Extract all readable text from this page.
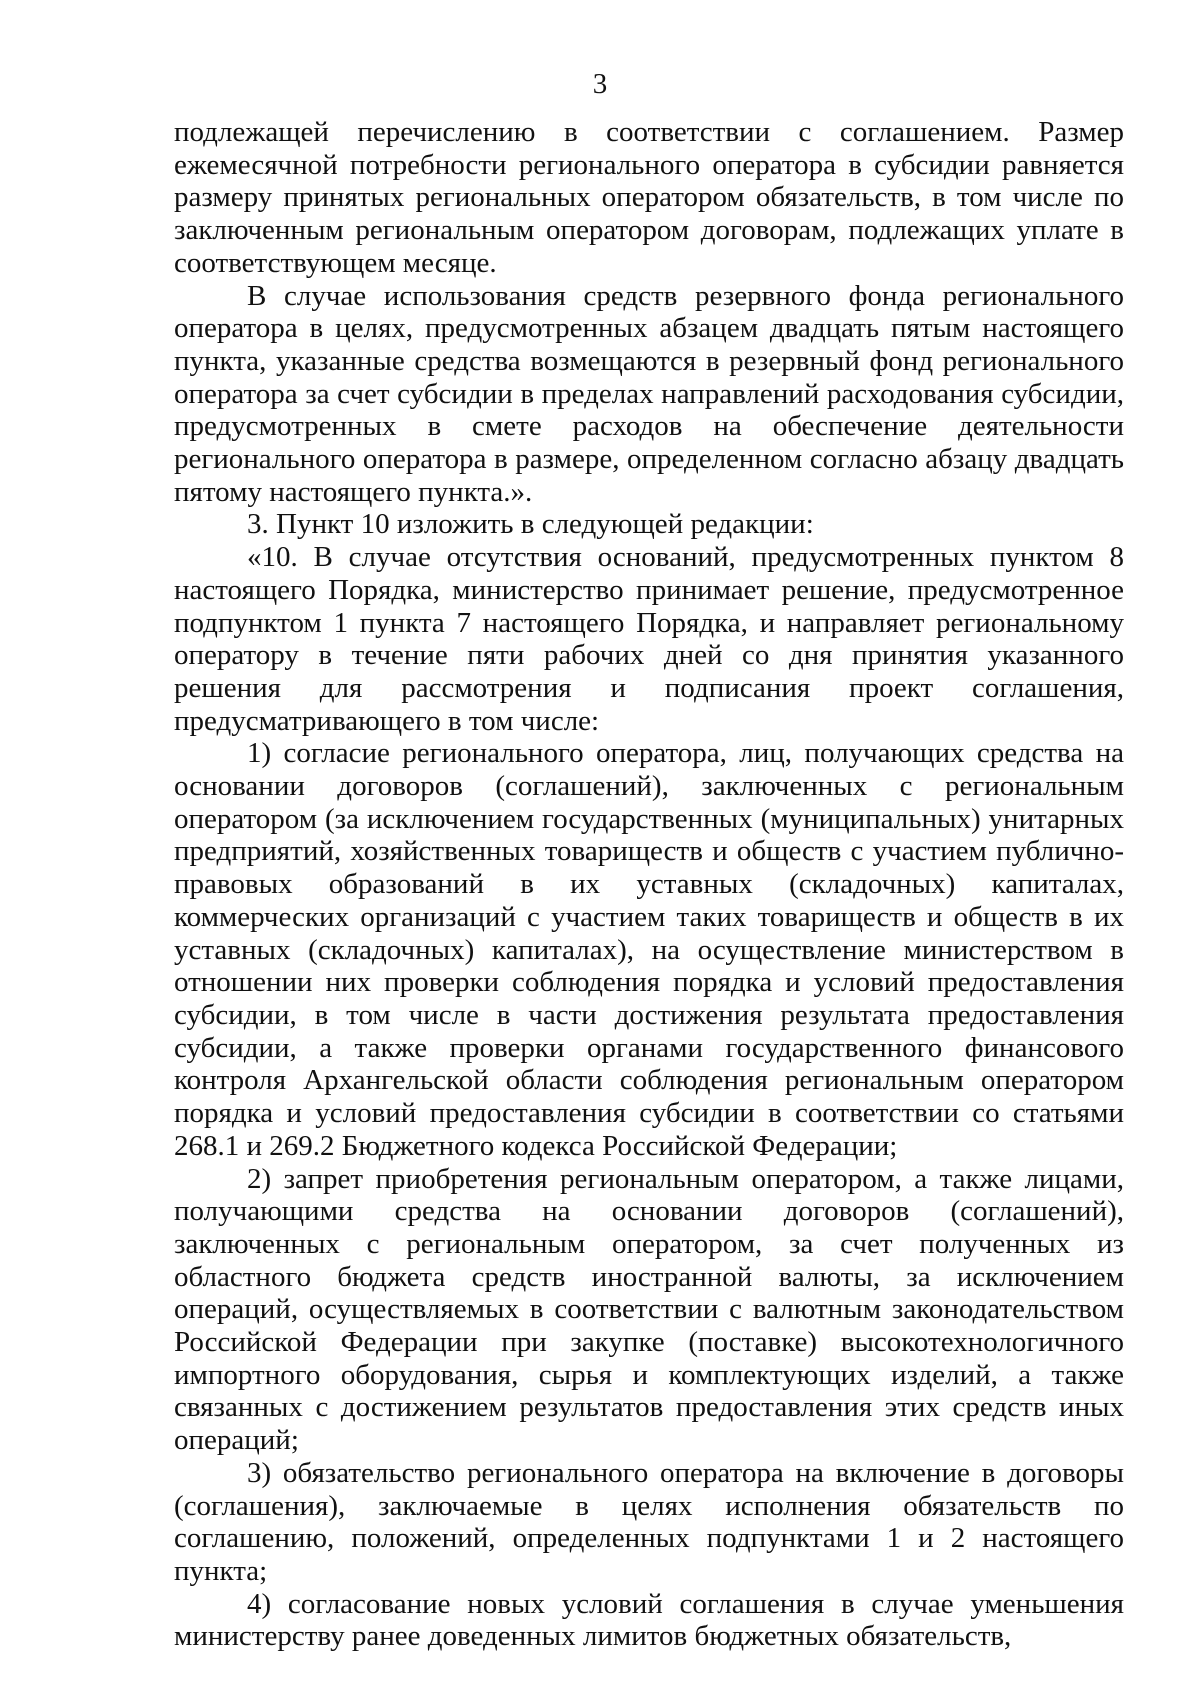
3

подлежащей перечислению в соответствии с соглашением. Размер ежемесячной потребности регионального оператора в субсидии равняется размеру принятых региональных оператором обязательств, в том числе по заключенным региональным оператором договорам, подлежащих уплате в соответствующем месяце.

В случае использования средств резервного фонда регионального оператора в целях, предусмотренных абзацем двадцать пятым настоящего пункта, указанные средства возмещаются в резервный фонд регионального оператора за счет субсидии в пределах направлений расходования субсидии, предусмотренных в смете расходов на обеспечение деятельности регионального оператора в размере, определенном согласно абзацу двадцать пятому настоящего пункта.».

3. Пункт 10 изложить в следующей редакции:

«10. В случае отсутствия оснований, предусмотренных пунктом 8 настоящего Порядка, министерство принимает решение, предусмотренное подпунктом 1 пункта 7 настоящего Порядка, и направляет региональному оператору в течение пяти рабочих дней со дня принятия указанного решения для рассмотрения и подписания проект соглашения, предусматривающего в том числе:

1) согласие регионального оператора, лиц, получающих средства на основании договоров (соглашений), заключенных с региональным оператором (за исключением государственных (муниципальных) унитарных предприятий, хозяйственных товариществ и обществ с участием публично-правовых образований в их уставных (складочных) капиталах, коммерческих организаций с участием таких товариществ и обществ в их уставных (складочных) капиталах), на осуществление министерством в отношении них проверки соблюдения порядка и условий предоставления субсидии, в том числе в части достижения результата предоставления субсидии, а также проверки органами государственного финансового контроля Архангельской области соблюдения региональным оператором порядка и условий предоставления субсидии в соответствии со статьями 268.1 и 269.2 Бюджетного кодекса Российской Федерации;

2) запрет приобретения региональным оператором, а также лицами, получающими средства на основании договоров (соглашений), заключенных с региональным оператором, за счет полученных из областного бюджета средств иностранной валюты, за исключением операций, осуществляемых в соответствии с валютным законодательством Российской Федерации при закупке (поставке) высокотехнологичного импортного оборудования, сырья и комплектующих изделий, а также связанных с достижением результатов предоставления этих средств иных операций;

3) обязательство регионального оператора на включение в договоры (соглашения), заключаемые в целях исполнения обязательств по соглашению, положений, определенных подпунктами 1 и 2 настоящего пункта;

4) согласование новых условий соглашения в случае уменьшения министерству ранее доведенных лимитов бюджетных обязательств,
